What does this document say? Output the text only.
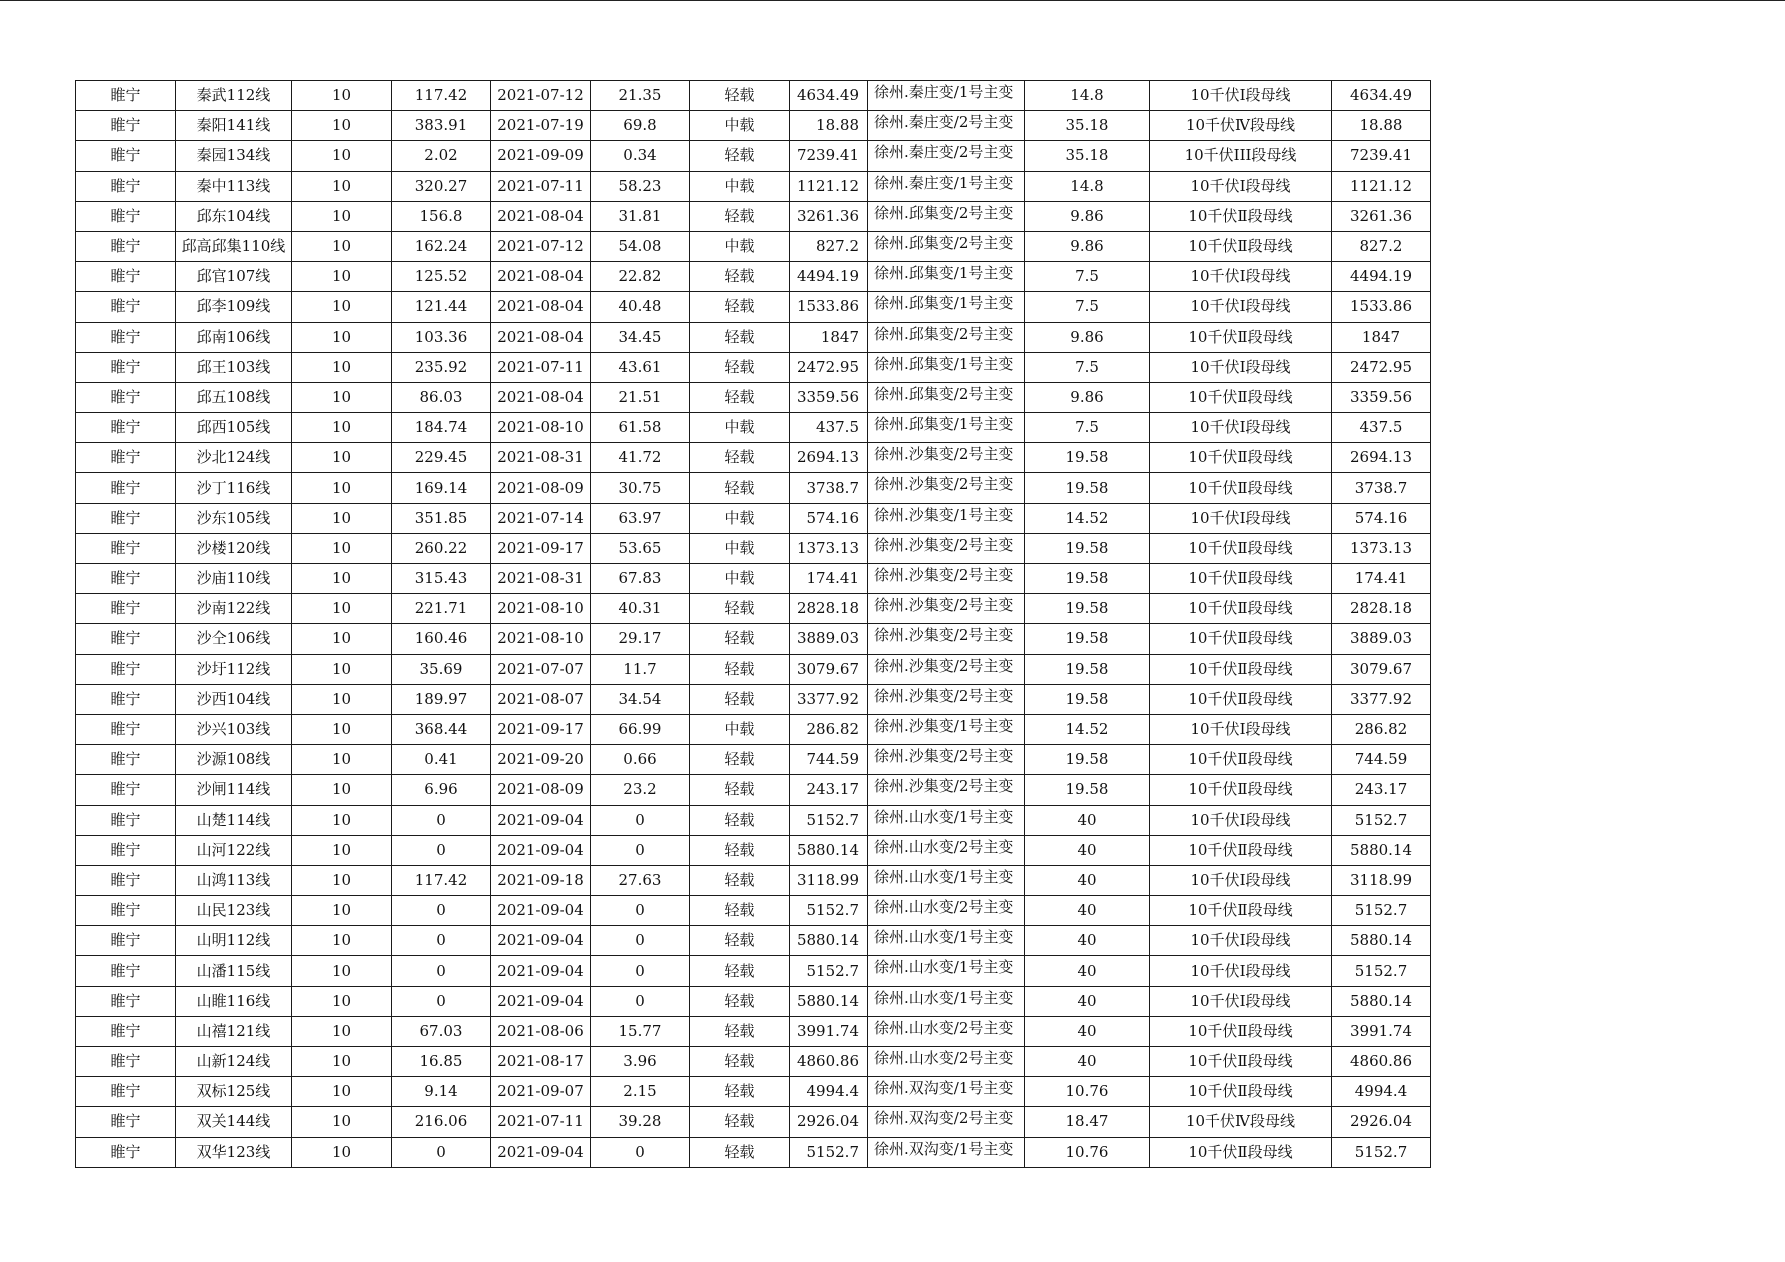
睢宁	秦武112线	10	117.42	2021-07-12	21.35	轻载	4634.49	徐州.秦庄变/1号主变	14.8	10千伏Ⅰ段母线	4634.49
睢宁	秦阳141线	10	383.91	2021-07-19	69.8	中载	18.88	徐州.秦庄变/2号主变	35.18	10千伏Ⅳ段母线	18.88
睢宁	秦园134线	10	2.02	2021-09-09	0.34	轻载	7239.41	徐州.秦庄变/2号主变	35.18	10千伏III段母线	7239.41
睢宁	秦中113线	10	320.27	2021-07-11	58.23	中载	1121.12	徐州.秦庄变/1号主变	14.8	10千伏Ⅰ段母线	1121.12
睢宁	邱东104线	10	156.8	2021-08-04	31.81	轻载	3261.36	徐州.邱集变/2号主变	9.86	10千伏Ⅱ段母线	3261.36
睢宁	邱高邱集110线	10	162.24	2021-07-12	54.08	中载	827.2	徐州.邱集变/2号主变	9.86	10千伏Ⅱ段母线	827.2
睢宁	邱官107线	10	125.52	2021-08-04	22.82	轻载	4494.19	徐州.邱集变/1号主变	7.5	10千伏Ⅰ段母线	4494.19
睢宁	邱李109线	10	121.44	2021-08-04	40.48	轻载	1533.86	徐州.邱集变/1号主变	7.5	10千伏Ⅰ段母线	1533.86
睢宁	邱南106线	10	103.36	2021-08-04	34.45	轻载	1847	徐州.邱集变/2号主变	9.86	10千伏Ⅱ段母线	1847
睢宁	邱王103线	10	235.92	2021-07-11	43.61	轻载	2472.95	徐州.邱集变/1号主变	7.5	10千伏Ⅰ段母线	2472.95
睢宁	邱五108线	10	86.03	2021-08-04	21.51	轻载	3359.56	徐州.邱集变/2号主变	9.86	10千伏Ⅱ段母线	3359.56
睢宁	邱西105线	10	184.74	2021-08-10	61.58	中载	437.5	徐州.邱集变/1号主变	7.5	10千伏Ⅰ段母线	437.5
睢宁	沙北124线	10	229.45	2021-08-31	41.72	轻载	2694.13	徐州.沙集变/2号主变	19.58	10千伏Ⅱ段母线	2694.13
睢宁	沙丁116线	10	169.14	2021-08-09	30.75	轻载	3738.7	徐州.沙集变/2号主变	19.58	10千伏Ⅱ段母线	3738.7
睢宁	沙东105线	10	351.85	2021-07-14	63.97	中载	574.16	徐州.沙集变/1号主变	14.52	10千伏Ⅰ段母线	574.16
睢宁	沙楼120线	10	260.22	2021-09-17	53.65	中载	1373.13	徐州.沙集变/2号主变	19.58	10千伏Ⅱ段母线	1373.13
睢宁	沙庙110线	10	315.43	2021-08-31	67.83	中载	174.41	徐州.沙集变/2号主变	19.58	10千伏Ⅱ段母线	174.41
睢宁	沙南122线	10	221.71	2021-08-10	40.31	轻载	2828.18	徐州.沙集变/2号主变	19.58	10千伏Ⅱ段母线	2828.18
睢宁	沙仝106线	10	160.46	2021-08-10	29.17	轻载	3889.03	徐州.沙集变/2号主变	19.58	10千伏Ⅱ段母线	3889.03
睢宁	沙圩112线	10	35.69	2021-07-07	11.7	轻载	3079.67	徐州.沙集变/2号主变	19.58	10千伏Ⅱ段母线	3079.67
睢宁	沙西104线	10	189.97	2021-08-07	34.54	轻载	3377.92	徐州.沙集变/2号主变	19.58	10千伏Ⅱ段母线	3377.92
睢宁	沙兴103线	10	368.44	2021-09-17	66.99	中载	286.82	徐州.沙集变/1号主变	14.52	10千伏Ⅰ段母线	286.82
睢宁	沙源108线	10	0.41	2021-09-20	0.66	轻载	744.59	徐州.沙集变/2号主变	19.58	10千伏Ⅱ段母线	744.59
睢宁	沙闸114线	10	6.96	2021-08-09	23.2	轻载	243.17	徐州.沙集变/2号主变	19.58	10千伏Ⅱ段母线	243.17
睢宁	山楚114线	10	0	2021-09-04	0	轻载	5152.7	徐州.山水变/1号主变	40	10千伏Ⅰ段母线	5152.7
睢宁	山河122线	10	0	2021-09-04	0	轻载	5880.14	徐州.山水变/2号主变	40	10千伏Ⅱ段母线	5880.14
睢宁	山鸿113线	10	117.42	2021-09-18	27.63	轻载	3118.99	徐州.山水变/1号主变	40	10千伏Ⅰ段母线	3118.99
睢宁	山民123线	10	0	2021-09-04	0	轻载	5152.7	徐州.山水变/2号主变	40	10千伏Ⅱ段母线	5152.7
睢宁	山明112线	10	0	2021-09-04	0	轻载	5880.14	徐州.山水变/1号主变	40	10千伏Ⅰ段母线	5880.14
睢宁	山潘115线	10	0	2021-09-04	0	轻载	5152.7	徐州.山水变/1号主变	40	10千伏Ⅰ段母线	5152.7
睢宁	山睢116线	10	0	2021-09-04	0	轻载	5880.14	徐州.山水变/1号主变	40	10千伏Ⅰ段母线	5880.14
睢宁	山禧121线	10	67.03	2021-08-06	15.77	轻载	3991.74	徐州.山水变/2号主变	40	10千伏Ⅱ段母线	3991.74
睢宁	山新124线	10	16.85	2021-08-17	3.96	轻载	4860.86	徐州.山水变/2号主变	40	10千伏Ⅱ段母线	4860.86
睢宁	双标125线	10	9.14	2021-09-07	2.15	轻载	4994.4	徐州.双沟变/1号主变	10.76	10千伏Ⅱ段母线	4994.4
睢宁	双关144线	10	216.06	2021-07-11	39.28	轻载	2926.04	徐州.双沟变/2号主变	18.47	10千伏Ⅳ段母线	2926.04
睢宁	双华123线	10	0	2021-09-04	0	轻载	5152.7	徐州.双沟变/1号主变	10.76	10千伏Ⅱ段母线	5152.7
